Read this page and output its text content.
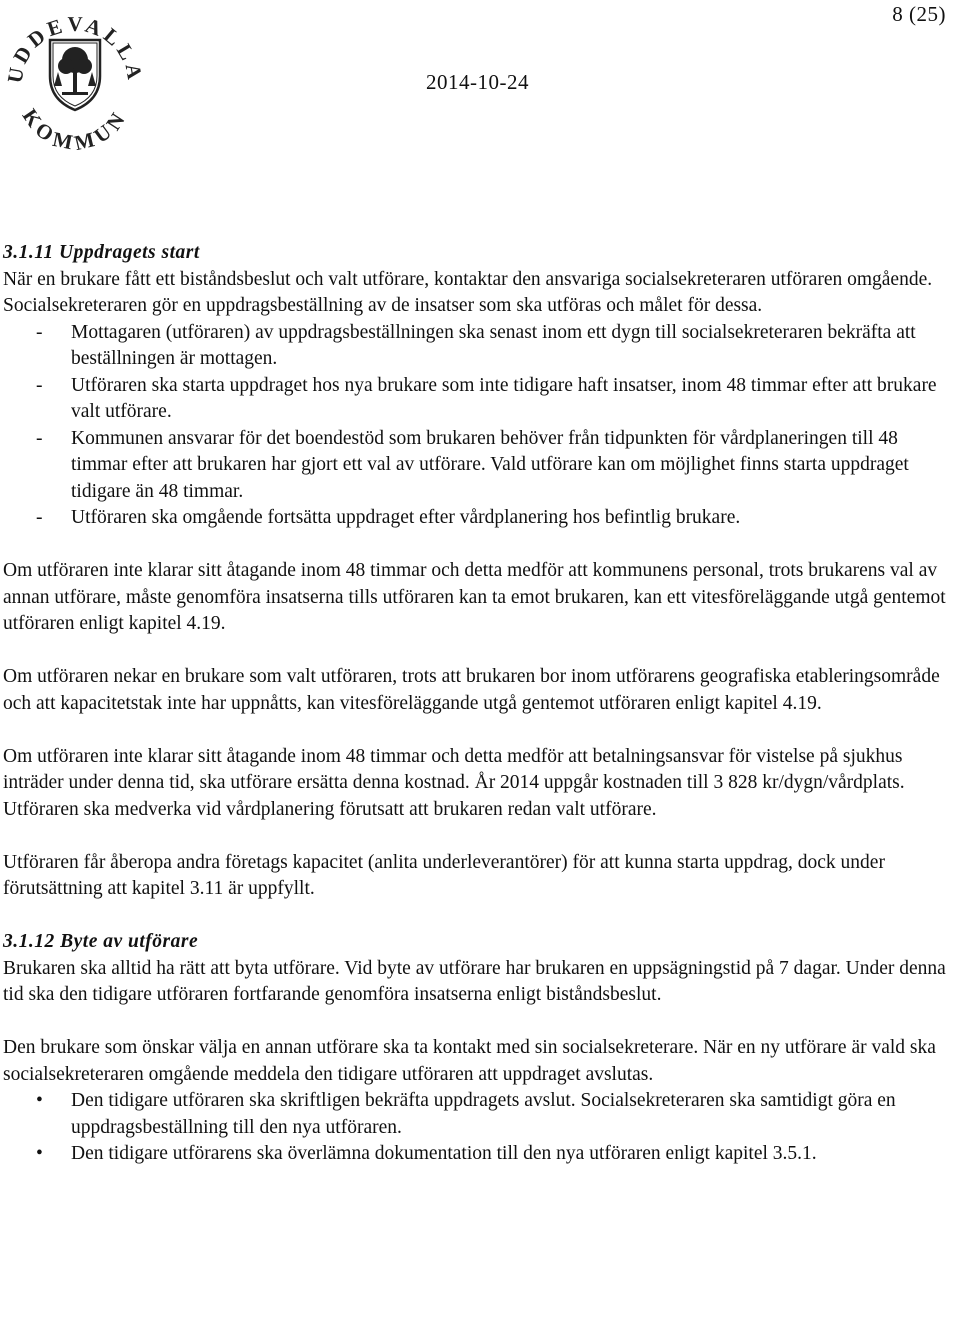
UDDEVALLA
KOMMUN
8 (25)
2014-10-24

3.1.11 Uppdragets start

När en brukare fått ett biståndsbeslut och valt utförare, kontaktar den ansvariga socialsekreteraren utföraren omgående. Socialsekreteraren gör en uppdragsbeställning av de insatser som ska utföras och målet för dessa.

- Mottagaren (utföraren) av uppdragsbeställningen ska senast inom ett dygn till socialsekreteraren bekräfta att beställningen är mottagen.
- Utföraren ska starta uppdraget hos nya brukare som inte tidigare haft insatser, inom 48 timmar efter att brukare valt utförare.
- Kommunen ansvarar för det boendestöd som brukaren behöver från tidpunkten för vårdplaneringen till 48 timmar efter att brukaren har gjort ett val av utförare. Vald utförare kan om möjlighet finns starta uppdraget tidigare än 48 timmar.
- Utföraren ska omgående fortsätta uppdraget efter vårdplanering hos befintlig brukare.

Om utföraren inte klarar sitt åtagande inom 48 timmar och detta medför att kommunens personal, trots brukarens val av annan utförare, måste genomföra insatserna tills utföraren kan ta emot brukaren, kan ett vitesföreläggande utgå gentemot utföraren enligt kapitel 4.19.

Om utföraren nekar en brukare som valt utföraren, trots att brukaren bor inom utförarens geografiska etableringsområde och att kapacitetstak inte har uppnåtts, kan vitesföreläggande utgå gentemot utföraren enligt kapitel 4.19.

Om utföraren inte klarar sitt åtagande inom 48 timmar och detta medför att betalningsansvar för vistelse på sjukhus inträder under denna tid, ska utförare ersätta denna kostnad. År 2014 uppgår kostnaden till 3 828 kr/dygn/vårdplats. Utföraren ska medverka vid vårdplanering förutsatt att brukaren redan valt utförare.

Utföraren får åberopa andra företags kapacitet (anlita underleverantörer) för att kunna starta uppdrag, dock under förutsättning att kapitel 3.11 är uppfyllt.

3.1.12 Byte av utförare

Brukaren ska alltid ha rätt att byta utförare. Vid byte av utförare har brukaren en uppsägningstid på 7 dagar. Under denna tid ska den tidigare utföraren fortfarande genomföra insatserna enligt biståndsbeslut.

Den brukare som önskar välja en annan utförare ska ta kontakt med sin socialsekreterare. När en ny utförare är vald ska socialsekreteraren omgående meddela den tidigare utföraren att uppdraget avslutas.

• Den tidigare utföraren ska skriftligen bekräfta uppdragets avslut. Socialsekreteraren ska samtidigt göra en uppdragsbeställning till den nya utföraren.
• Den tidigare utförarens ska överlämna dokumentation till den nya utföraren enligt kapitel 3.5.1.
